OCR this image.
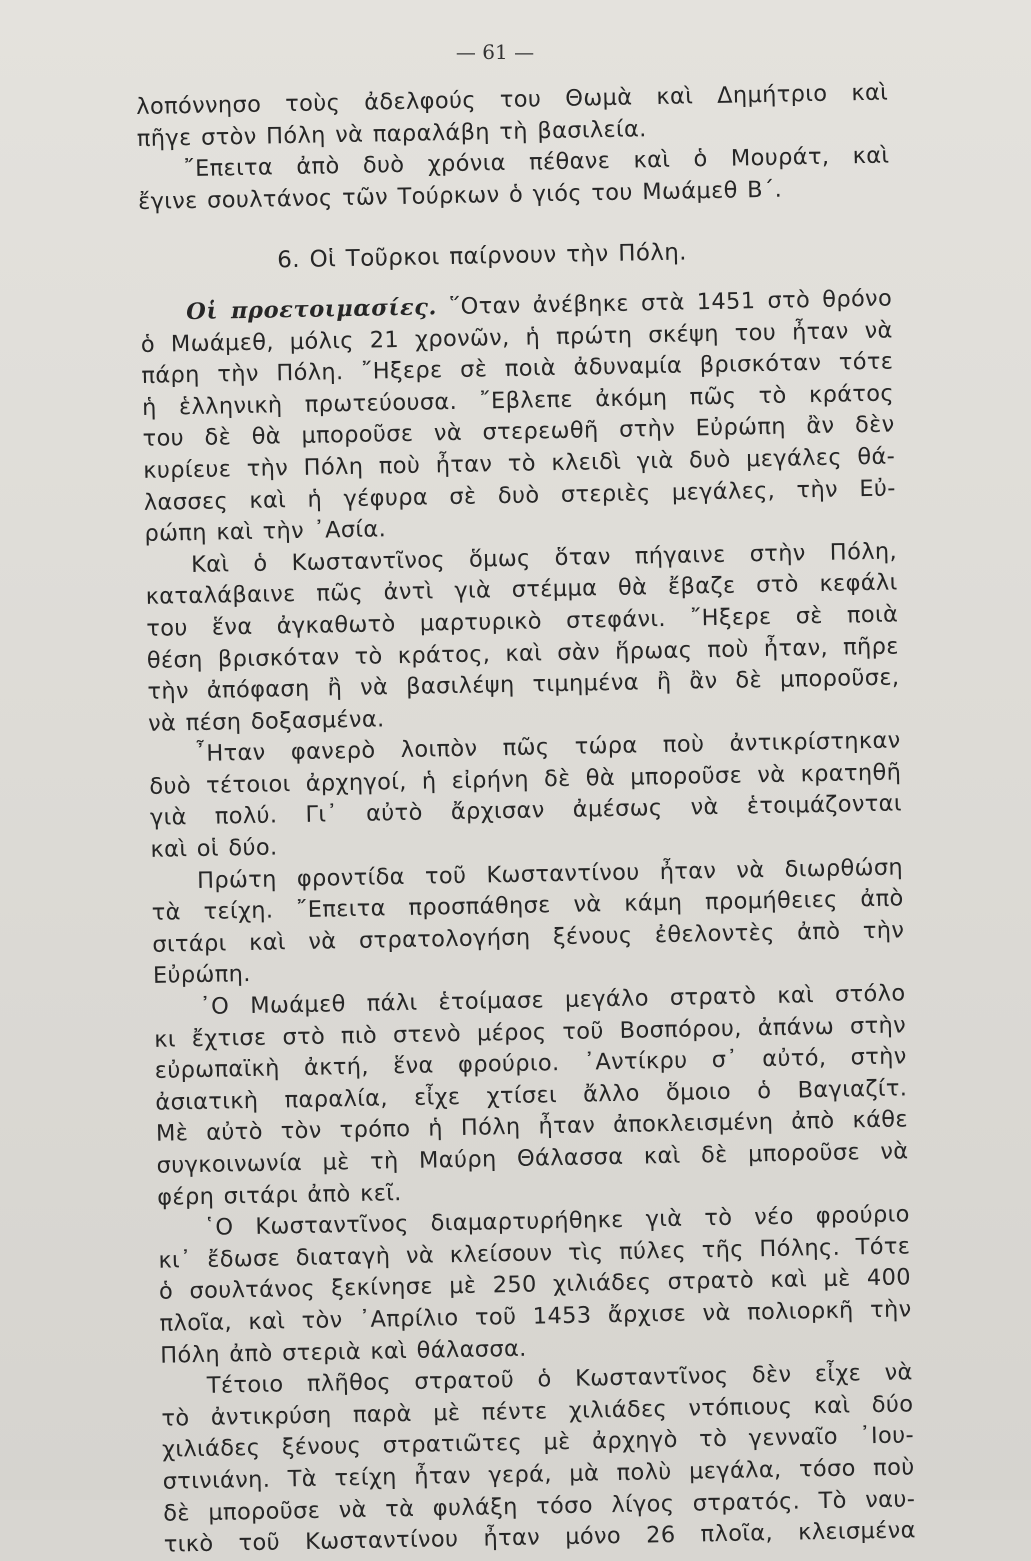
— 61 —
λοπόννησο τοὺς ἀδελφούς του Θωμὰ καὶ Δημήτριο καὶ
πῆγε στὸν Πόλη νὰ παραλάβη τὴ βασιλεία.
῎Επειτα ἀπὸ δυὸ χρόνια πέθανε καὶ ὁ Μουράτ, καὶ
ἔγινε σουλτάνος τῶν Τούρκων ὁ γιός του Μωάμεθ Β΄.
6. Οἱ Τοῦρκοι παίρνουν τὴν Πόλη.
Οἱ προετοιμασίες. ῞Οταν ἀνέβηκε στὰ 1451 στὸ θρόνο
ὁ Μωάμεθ, μόλις 21 χρονῶν, ἡ πρώτη σκέψη του ἦταν νὰ
πάρη τὴν Πόλη. ῎Ηξερε σὲ ποιὰ ἀδυναμία βρισκόταν τότε
ἡ ἑλληνικὴ πρωτεύουσα. ῎Εβλεπε ἀκόμη πῶς τὸ κράτος
του δὲ θὰ μποροῦσε νὰ στερεωθῆ στὴν Εὐρώπη ἂν δὲν
κυρίευε τὴν Πόλη ποὺ ἦταν τὸ κλειδὶ γιὰ δυὸ μεγάλες θά-
λασσες καὶ ἡ γέφυρα σὲ δυὸ στεριὲς μεγάλες, τὴν Εὐ-
ρώπη καὶ τὴν ᾿Ασία.
Καὶ ὁ Κωσταντῖνος ὅμως ὅταν πήγαινε στὴν Πόλη,
καταλάβαινε πῶς ἀντὶ γιὰ στέμμα θὰ ἔβαζε στὸ κεφάλι
του ἕνα ἀγκαθωτὸ μαρτυρικὸ στεφάνι. ῎Ηξερε σὲ ποιὰ
θέση βρισκόταν τὸ κράτος, καὶ σὰν ἥρωας ποὺ ἦταν, πῆρε
τὴν ἀπόφαση ἢ νὰ βασιλέψη τιμημένα ἢ ἂν δὲ μποροῦσε,
νὰ πέση δοξασμένα.
῏Ηταν φανερὸ λοιπὸν πῶς τώρα ποὺ ἀντικρίστηκαν
δυὸ τέτοιοι ἀρχηγοί, ἡ εἰρήνη δὲ θὰ μποροῦσε νὰ κρατηθῆ
γιὰ πολύ. Γι᾿ αὐτὸ ἄρχισαν ἀμέσως νὰ ἑτοιμάζονται
καὶ οἱ δύο.
Πρώτη φροντίδα τοῦ Κωσταντίνου ἦταν νὰ διωρθώση
τὰ τείχη. ῎Επειτα προσπάθησε νὰ κάμη προμήθειες ἀπὸ
σιτάρι καὶ νὰ στρατολογήση ξένους ἐθελοντὲς ἀπὸ τὴν
Εὐρώπη.
᾿Ο Μωάμεθ πάλι ἑτοίμασε μεγάλο στρατὸ καὶ στόλο
κι ἔχτισε στὸ πιὸ στενὸ μέρος τοῦ Βοσπόρου, ἀπάνω στὴν
εὐρωπαϊκὴ ἀκτή, ἕνα φρούριο. ᾿Αντίκρυ σ᾿ αὐτό, στὴν
ἀσιατικὴ παραλία, εἶχε χτίσει ἄλλο ὅμοιο ὁ Βαγιαζίτ.
Μὲ αὐτὸ τὸν τρόπο ἡ Πόλη ἦταν ἀποκλεισμένη ἀπὸ κάθε
συγκοινωνία μὲ τὴ Μαύρη Θάλασσα καὶ δὲ μποροῦσε νὰ
φέρη σιτάρι ἀπὸ κεῖ.
῾Ο Κωσταντῖνος διαμαρτυρήθηκε γιὰ τὸ νέο φρούριο
κι᾿ ἔδωσε διαταγὴ νὰ κλείσουν τὶς πύλες τῆς Πόλης. Τότε
ὁ σουλτάνος ξεκίνησε μὲ 250 χιλιάδες στρατὸ καὶ μὲ 400
πλοῖα, καὶ τὸν ᾿Απρίλιο τοῦ 1453 ἄρχισε νὰ πολιορκῆ τὴν
Πόλη ἀπὸ στεριὰ καὶ θάλασσα.
Τέτοιο πλῆθος στρατοῦ ὁ Κωσταντῖνος δὲν εἶχε νὰ
τὸ ἀντικρύση παρὰ μὲ πέντε χιλιάδες ντόπιους καὶ δύο
χιλιάδες ξένους στρατιῶτες μὲ ἀρχηγὸ τὸ γενναῖο ᾿Ιου-
στινιάνη. Τὰ τείχη ἦταν γερά, μὰ πολὺ μεγάλα, τόσο ποὺ
δὲ μποροῦσε νὰ τὰ φυλάξη τόσο λίγος στρατός. Τὸ ναυ-
τικὸ τοῦ Κωσταντίνου ἦταν μόνο 26 πλοῖα, κλεισμένα
